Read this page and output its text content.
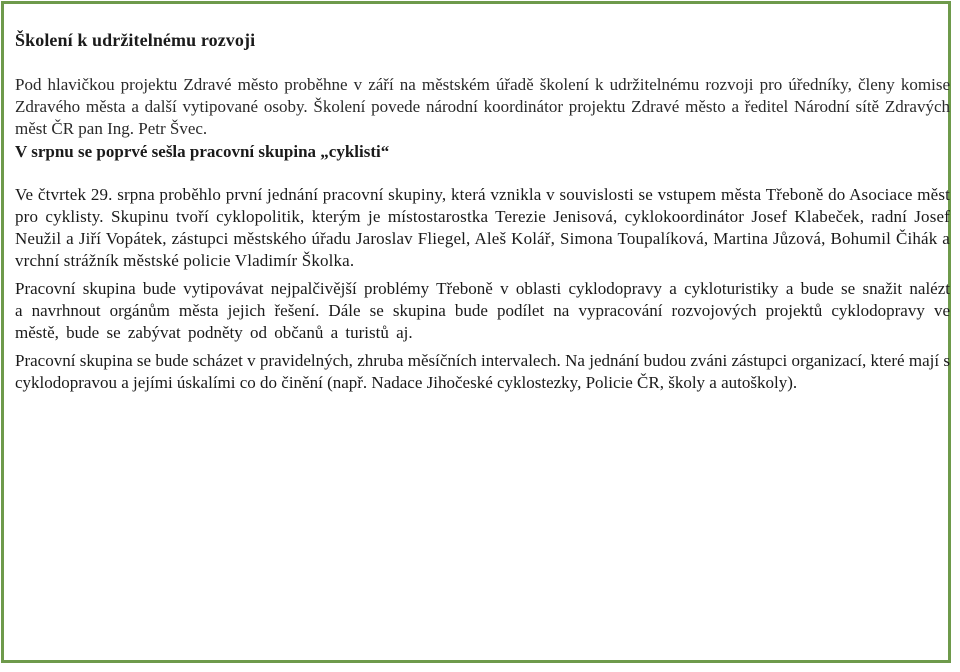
Školení k udržitelnému rozvoji

Pod hlavičkou projektu Zdravé město proběhne v září na městském úřadě školení k udržitelnému rozvoji pro úředníky, členy komise Zdravého města a další vytipované osoby. Školení povede národní koordinátor projektu Zdravé město a ředitel Národní sítě Zdravých měst ČR pan Ing. Petr Švec.

V srpnu se poprvé sešla pracovní skupina „cyklisti“

Ve čtvrtek 29. srpna proběhlo první jednání pracovní skupiny, která vznikla v souvislosti se vstupem města Třeboně do Asociace měst pro cyklisty. Skupinu tvoří cyklopolitik, kterým je místostarostka Terezie Jenisová, cyklokoordinátor Josef Klabeček, radní Josef Neužil a Jiří Vopátek, zástupci městského úřadu Jaroslav Fliegel, Aleš Kolář, Simona Toupalíková, Martina Jůzová, Bohumil Čihák a vrchní strážník městské policie Vladimír Školka.

Pracovní skupina bude vytipovávat nejpalčivější problémy Třeboně v oblasti cyklodopravy a cykloturistiky a bude se snažit nalézt a navrhnout orgánům města jejich řešení. Dále se skupina bude podílet na vypracování rozvojových projektů cyklodopravy ve městě, bude se zabývat podněty od občanů a turistů aj.

Pracovní skupina se bude scházet v pravidelných, zhruba měsíčních intervalech. Na jednání budou zváni zástupci organizací, které mají s cyklodopravou a jejími úskalími co do činění (např. Nadace Jihočeské cyklostezky, Policie ČR, školy a autoškoly).
